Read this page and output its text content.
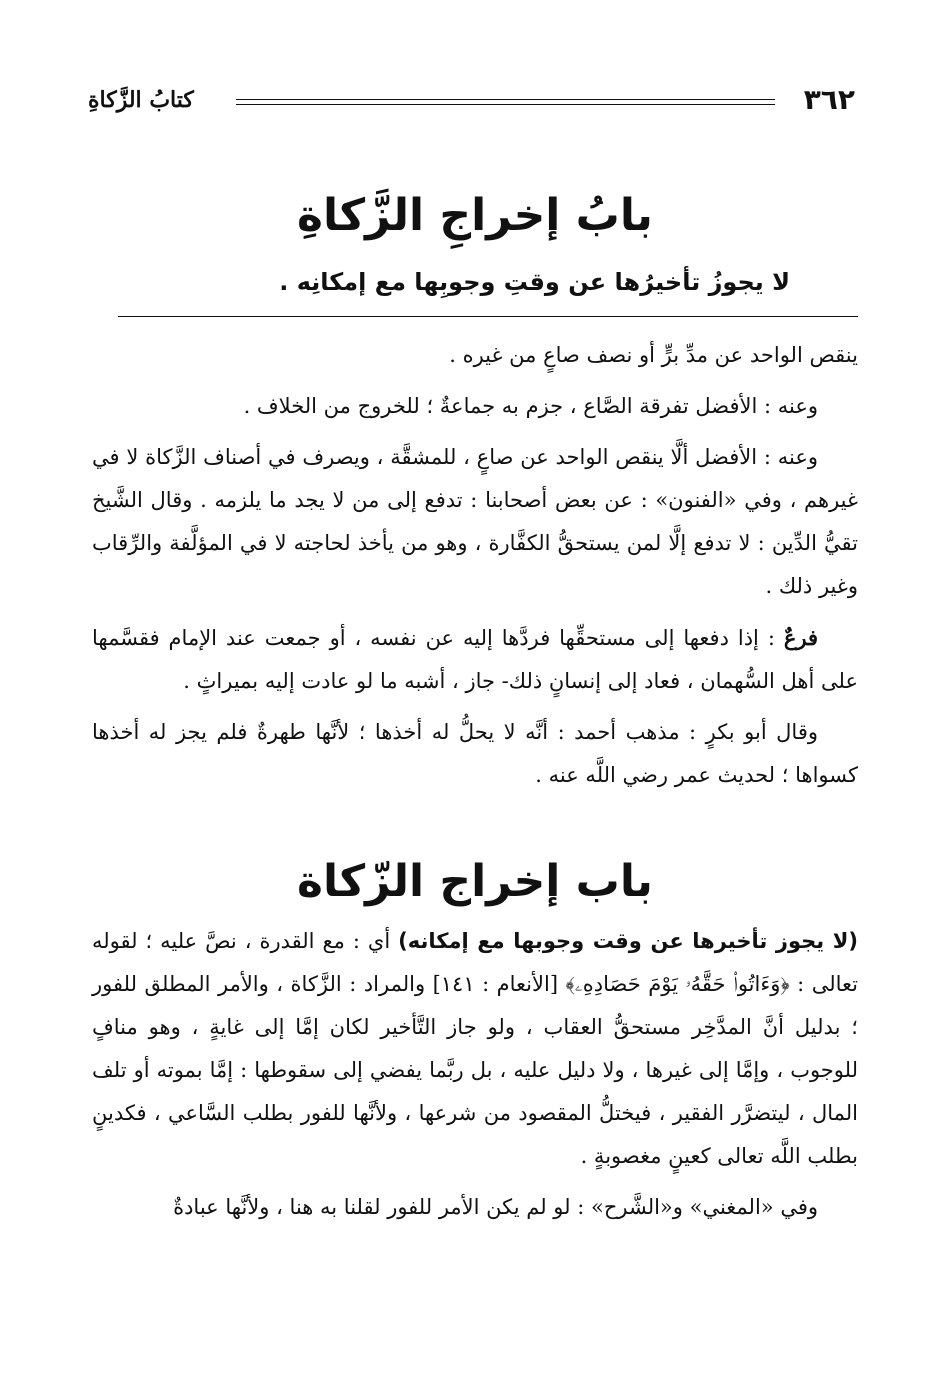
٣٦٢
كتابُ الزَّكاةِ
بابُ إخراجِ الزَّكاةِ
لا يجوزُ تأخيرُها عن وقتِ وجوبِها مع إمكانِه .

ينقص الواحد عن مدِّ برٍّ أو نصف صاعٍ من غيره .

وعنه : الأفضل تفرقة الصَّاع ، جزم به جماعةٌ ؛ للخروج من الخلاف .

وعنه : الأفضل ألَّا ينقص الواحد عن صاعٍ ، للمشقَّة ، ويصرف في أصناف الزَّكاة لا في غيرهم ، وفي «الفنون» : عن بعض أصحابنا : تدفع إلى من لا يجد ما يلزمه . وقال الشَّيخ تقيُّ الدِّين : لا تدفع إلَّا لمن يستحقُّ الكفَّارة ، وهو من يأخذ لحاجته لا في المؤلَّفة والرِّقاب وغير ذلك .

فرعٌ : إذا دفعها إلى مستحقِّها فردَّها إليه عن نفسه ، أو جمعت عند الإمام فقسَّمها على أهل السُّهمان ، فعاد إلى إنسانٍ ذلك- جاز ، أشبه ما لو عادت إليه بميراثٍ .

وقال أبو بكرٍ : مذهب أحمد : أنَّه لا يحلُّ له أخذها ؛ لأنَّها طهرةٌ فلم يجز له أخذها كسواها ؛ لحديث عمر رضي اللَّه عنه .

باب إخراج الزّكاة

(لا يجوز تأخيرها عن وقت وجوبها مع إمكانه) أي : مع القدرة ، نصَّ عليه ؛ لقوله تعالى : ﴿وَءَاتُوا۟ حَقَّهُۥ يَوْمَ حَصَادِهِۦ﴾ [الأنعام : ١٤١] والمراد : الزَّكاة ، والأمر المطلق للفور ؛ بدليل أنَّ المدَّخِر مستحقُّ العقاب ، ولو جاز التَّأخير لكان إمَّا إلى غايةٍ ، وهو منافٍ للوجوب ، وإمَّا إلى غيرها ، ولا دليل عليه ، بل ربَّما يفضي إلى سقوطها : إمَّا بموته أو تلف المال ، ليتضرَّر الفقير ، فيختلُّ المقصود من شرعها ، ولأنَّها للفور بطلب السَّاعي ، فكدينٍ بطلب اللَّه تعالى كعينٍ مغصوبةٍ .

وفي «المغني» و«الشَّرح» : لو لم يكن الأمر للفور لقلنا به هنا ، ولأنَّها عبادةٌ
